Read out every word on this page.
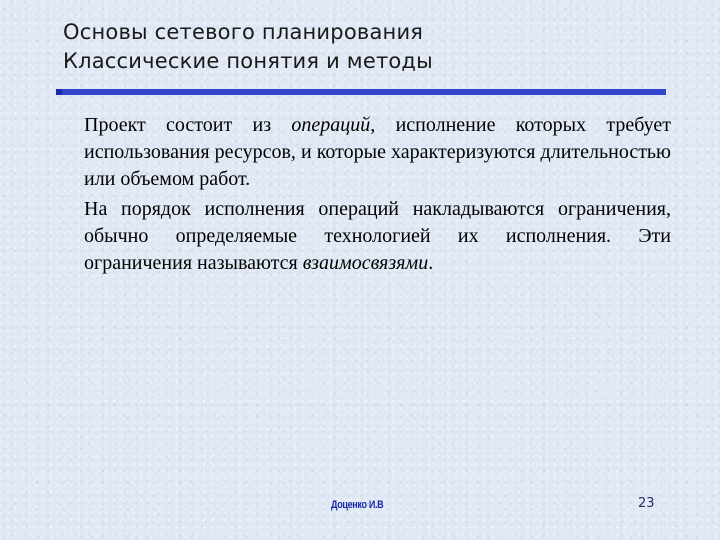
Основы сетевого планирования
Классические понятия и методы

Проект состоит из операций, исполнение которых требует использования ресурсов, и которые характеризуются длительностью или объемом работ.

На порядок исполнения операций накладываются ограничения, обычно определяемые технологией их исполнения. Эти ограничения называются взаимосвязями.

Доценко И.В	23
